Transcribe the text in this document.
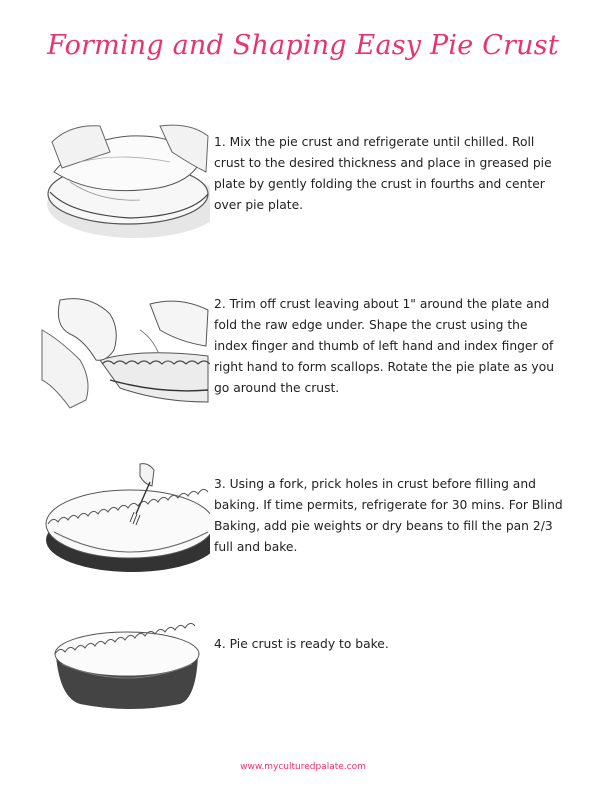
Forming and Shaping Easy Pie Crust
1. Mix the pie crust and refrigerate until chilled. Roll crust to the desired thickness and place in greased pie plate by gently folding the crust in fourths and center over pie plate.
2. Trim off crust leaving about 1" around the plate and fold the raw edge under. Shape the crust using the index finger and thumb of left hand and index finger of right hand to form scallops. Rotate the pie plate as you go around the crust.
3. Using a fork, prick holes in crust before filling and baking. If time permits, refrigerate for 30 mins. For Blind Baking, add pie weights or dry beans to fill the pan 2/3 full and bake.
4. Pie crust is ready to bake.
www.myculturedpalate.com
